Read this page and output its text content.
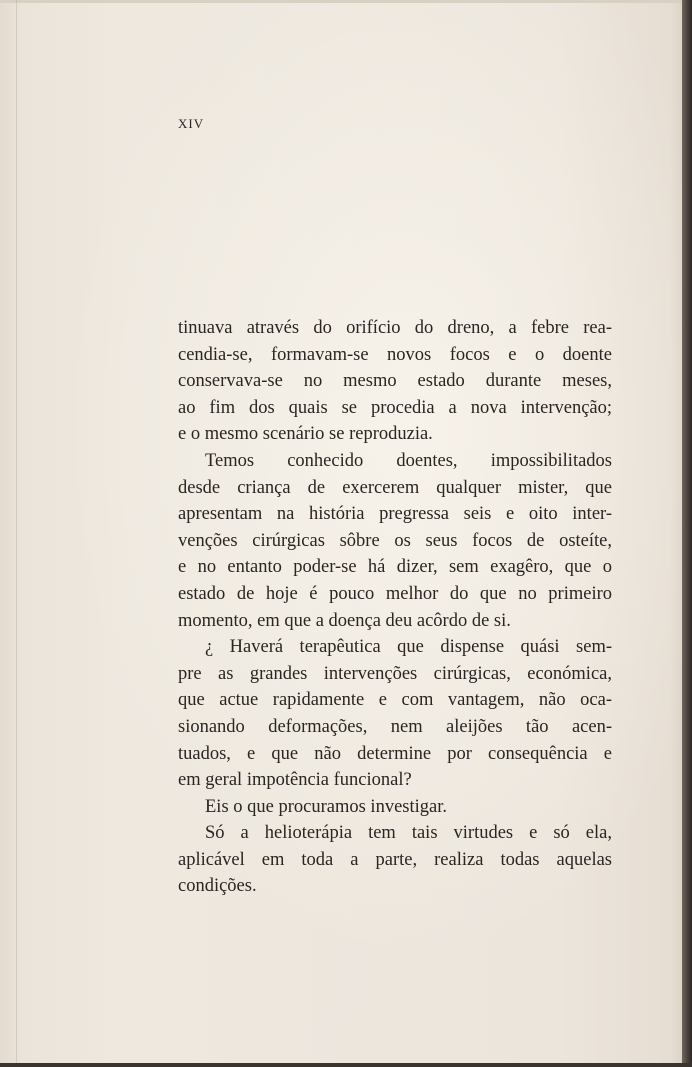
XIV

tinuava através do orifício do dreno, a febre rea-

cendia-se, formavam-se novos focos e o doente

conservava-se no mesmo estado durante meses,

ao fim dos quais se procedia a nova intervenção;

e o mesmo scenário se reproduzia.

Temos conhecido doentes, impossibilitados

desde criança de exercerem qualquer mister, que

apresentam na história pregressa seis e oito inter-

venções cirúrgicas sôbre os seus focos de osteíte,

e no entanto poder-se há dizer, sem exagêro, que o

estado de hoje é pouco melhor do que no primeiro

momento, em que a doença deu acôrdo de si.

¿ Haverá terapêutica que dispense quási sem-

pre as grandes intervenções cirúrgicas, económica,

que actue rapidamente e com vantagem, não oca-

sionando deformações, nem aleijões tão acen-

tuados, e que não determine por consequência e

em geral impotência funcional?

Eis o que procuramos investigar.

Só a helioterápia tem tais virtudes e só ela,

aplicável em toda a parte, realiza todas aquelas

condições.
